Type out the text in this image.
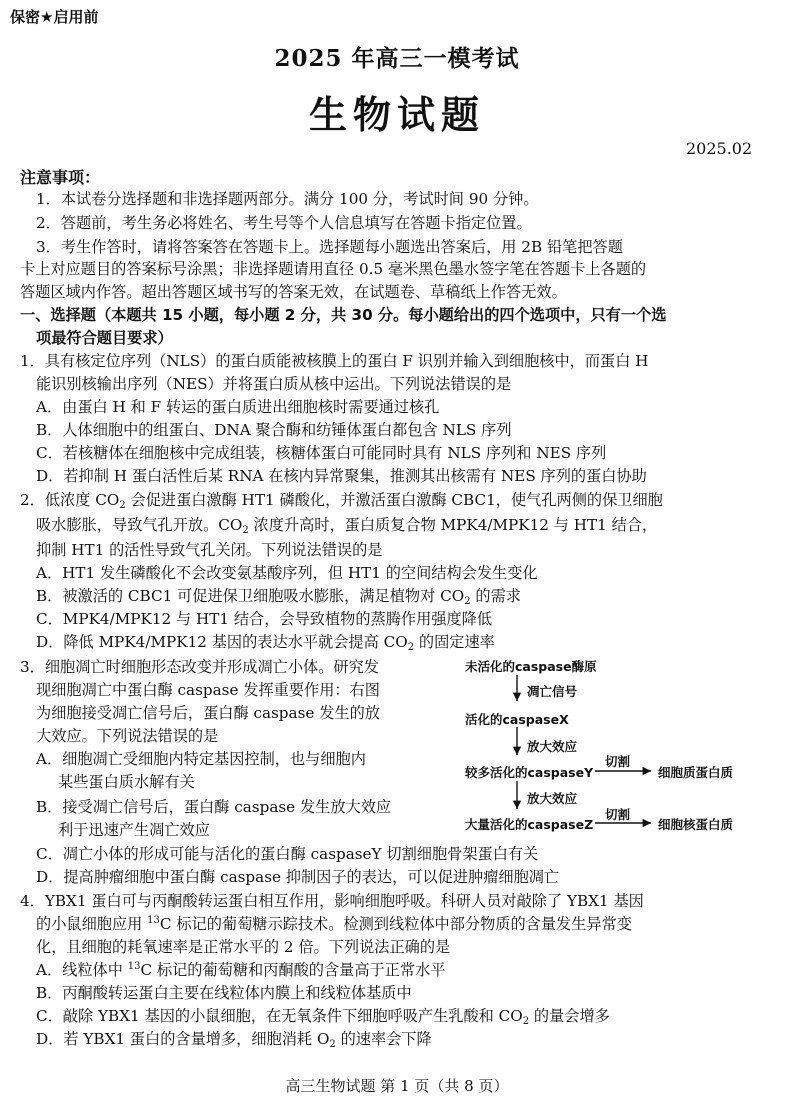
保密★启用前
2025 年高三一模考试
生物试题
2025.02
注意事项：
1．本试卷分选择题和非选择题两部分。满分 100 分，考试时间 90 分钟。
2．答题前，考生务必将姓名、考生号等个人信息填写在答题卡指定位置。
3．考生作答时，请将答案答在答题卡上。选择题每小题选出答案后，用 2B 铅笔把答题
卡上对应题目的答案标号涂黑；非选择题请用直径 0.5 毫米黑色墨水签字笔在答题卡上各题的
答题区域内作答。超出答题区域书写的答案无效，在试题卷、草稿纸上作答无效。
一、选择题（本题共 15 小题，每小题 2 分，共 30 分。每小题给出的四个选项中，只有一个选
项最符合题目要求）
1．具有核定位序列（NLS）的蛋白质能被核膜上的蛋白 F 识别并输入到细胞核中，而蛋白 H
能识别核输出序列（NES）并将蛋白质从核中运出。下列说法错误的是
A．由蛋白 H 和 F 转运的蛋白质进出细胞核时需要通过核孔
B．人体细胞中的组蛋白、DNA 聚合酶和纺锤体蛋白都包含 NLS 序列
C．若核糖体在细胞核中完成组装，核糖体蛋白可能同时具有 NLS 序列和 NES 序列
D．若抑制 H 蛋白活性后某 RNA 在核内异常聚集，推测其出核需有 NES 序列的蛋白协助
2．低浓度 $CO_2$ 会促进蛋白激酶 HT1 磷酸化，并激活蛋白激酶 CBC1，使气孔两侧的保卫细胞
吸水膨胀，导致气孔开放。$CO_2$ 浓度升高时，蛋白质复合物 MPK4/MPK12 与 HT1 结合，
抑制 HT1 的活性导致气孔关闭。下列说法错误的是
A．HT1 发生磷酸化不会改变氨基酸序列，但 HT1 的空间结构会发生变化
B．被激活的 CBC1 可促进保卫细胞吸水膨胀，满足植物对 $CO_2$ 的需求
C．MPK4/MPK12 与 HT1 结合，会导致植物的蒸腾作用强度降低
D．降低 MPK4/MPK12 基因的表达水平就会提高 $CO_2$ 的固定速率
3．细胞凋亡时细胞形态改变并形成凋亡小体。研究发
现细胞凋亡中蛋白酶 caspase 发挥重要作用：右图
为细胞接受凋亡信号后，蛋白酶 caspase 发生的放
大效应。下列说法错误的是
A．细胞凋亡受细胞内特定基因控制，也与细胞内
某些蛋白质水解有关
B．接受凋亡信号后，蛋白酶 caspase 发生放大效应
利于迅速产生凋亡效应
C．凋亡小体的形成可能与活化的蛋白酶 caspaseY 切割细胞骨架蛋白有关
D．提高肿瘤细胞中蛋白酶 caspase 抑制因子的表达，可以促进肿瘤细胞凋亡
未活化的caspase酶原
凋亡信号
活化的caspaseX
放大效应
较多活化的caspaseY
切割
细胞质蛋白质
放大效应
大量活化的caspaseZ
切割
细胞核蛋白质
4．YBX1 蛋白可与丙酮酸转运蛋白相互作用，影响细胞呼吸。科研人员对敲除了 YBX1 基因
的小鼠细胞应用 $^{13}$C 标记的葡萄糖示踪技术。检测到线粒体中部分物质的含量发生异常变
化，且细胞的耗氧速率是正常水平的 2 倍。下列说法正确的是
A．线粒体中 $^{13}$C 标记的葡萄糖和丙酮酸的含量高于正常水平
B．丙酮酸转运蛋白主要在线粒体内膜上和线粒体基质中
C．敲除 YBX1 基因的小鼠细胞，在无氧条件下细胞呼吸产生乳酸和 $CO_2$ 的量会增多
D．若 YBX1 蛋白的含量增多，细胞消耗 $O_2$ 的速率会下降
高三生物试题 第 1 页（共 8 页）
